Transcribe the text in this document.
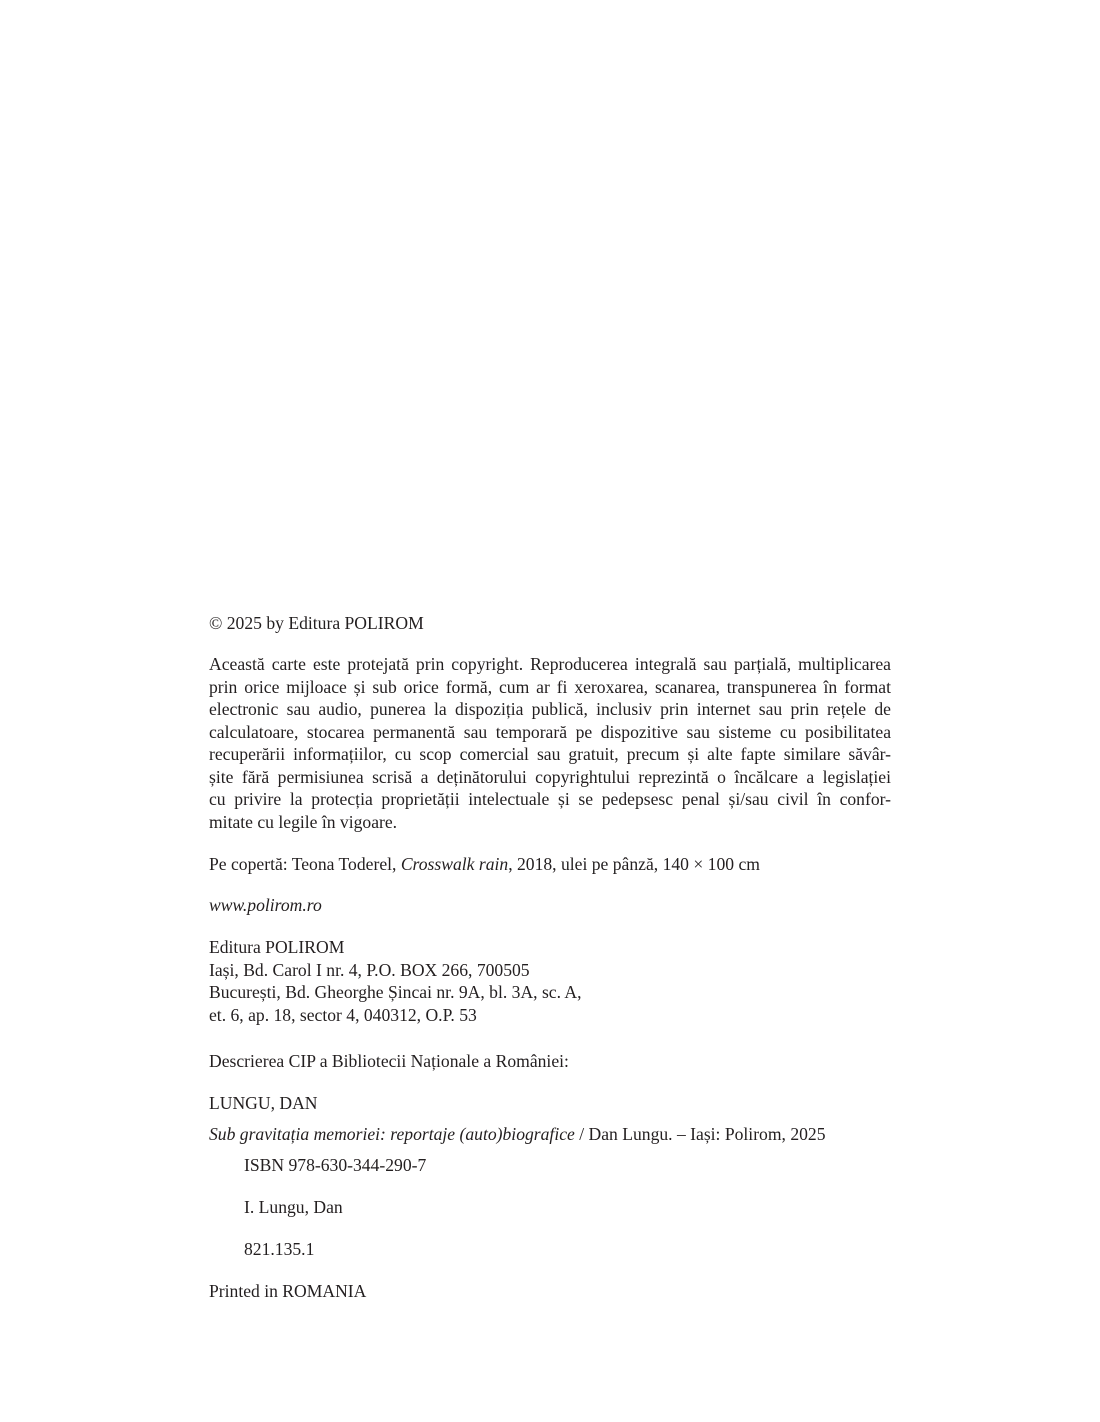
© 2025 by Editura POLIROM

Această carte este protejată prin copyright. Reproducerea integrală sau parțială, multiplicarea
prin orice mijloace și sub orice formă, cum ar fi xeroxarea, scanarea, transpunerea în format
electronic sau audio, punerea la dispoziția publică, inclusiv prin internet sau prin rețele de
calculatoare, stocarea permanentă sau temporară pe dispozitive sau sisteme cu posibilitatea
recuperării informațiilor, cu scop comercial sau gratuit, precum și alte fapte similare săvâr-
șite fără permisiunea scrisă a deținătorului copyrightului reprezintă o încălcare a legislației
cu privire la protecția proprietății intelectuale și se pedepsesc penal și/sau civil în confor-
mitate cu legile în vigoare.

Pe copertă: Teona Toderel, Crosswalk rain, 2018, ulei pe pânză, 140 × 100 cm

www.polirom.ro

Editura POLIROM
Iași, Bd. Carol I nr. 4, P.O. BOX 266, 700505
București, Bd. Gheorghe Șincai nr. 9A, bl. 3A, sc. A,
et. 6, ap. 18, sector 4, 040312, O.P. 53

Descrierea CIP a Bibliotecii Naționale a României:

LUNGU, DAN

Sub gravitația memoriei: reportaje (auto)biografice / Dan Lungu. – Iași: Polirom, 2025

ISBN 978-630-344-290-7

I. Lungu, Dan

821.135.1

Printed in ROMANIA
